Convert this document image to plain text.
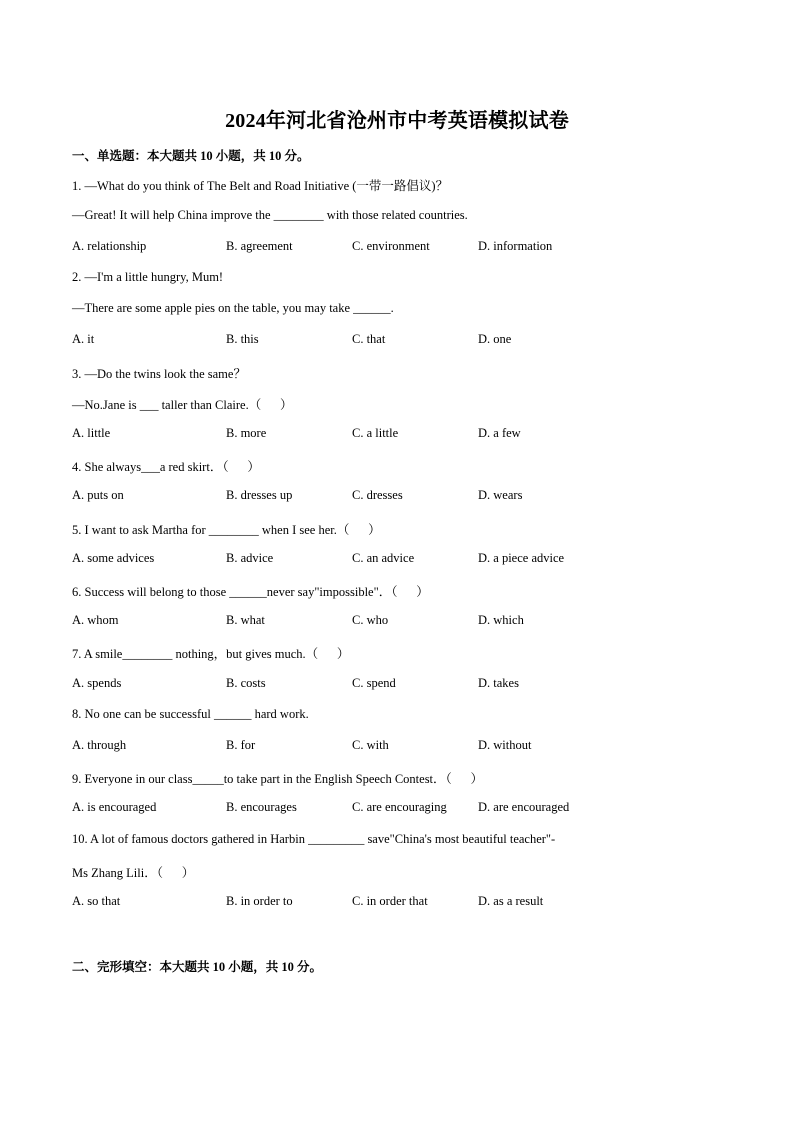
2024年河北省沧州市中考英语模拟试卷
一、单选题：本大题共 10 小题，共 10 分。
1. —What do you think of The Belt and Road Initiative (一带一路倡议)？
—Great! It will help China improve the ________ with those related countries.
A. relationship	B. agreement	C. environment	D. information
2. —I'm a little hungry, Mum!
—There are some apple pies on the table, you may take ______.
A. it	B. this	C. that	D. one
3. —Do the twins look the same？
—No.Jane is ___ taller than Claire.（      ）
A. little	B. more	C. a little	D. a few
4. She always___a red skirt．（      ）
A. puts on	B. dresses up	C. dresses	D. wears
5. I want to ask Martha for ________ when I see her.（      ）
A. some advices	B. advice	C. an advice	D. a piece advice
6. Success will belong to those ______never say"impossible"．（      ）
A. whom	B. what	C. who	D. which
7. A smile________ nothing，but gives much.（      ）
A. spends	B. costs	C. spend	D. takes
8. No one can be successful ______ hard work.
A. through	B. for	C. with	D. without
9. Everyone in our class_____to take part in the English Speech Contest．（      ）
A. is encouraged	B. encourages	C. are encouraging D. are encouraged
10. A lot of famous doctors gathered in Harbin _________ save"China's most beautiful teacher"-
Ms Zhang Lili．（      ）
A. so that	B. in order to	C. in order that	D. as a result
二、完形填空：本大题共 10 小题，共 10 分。
